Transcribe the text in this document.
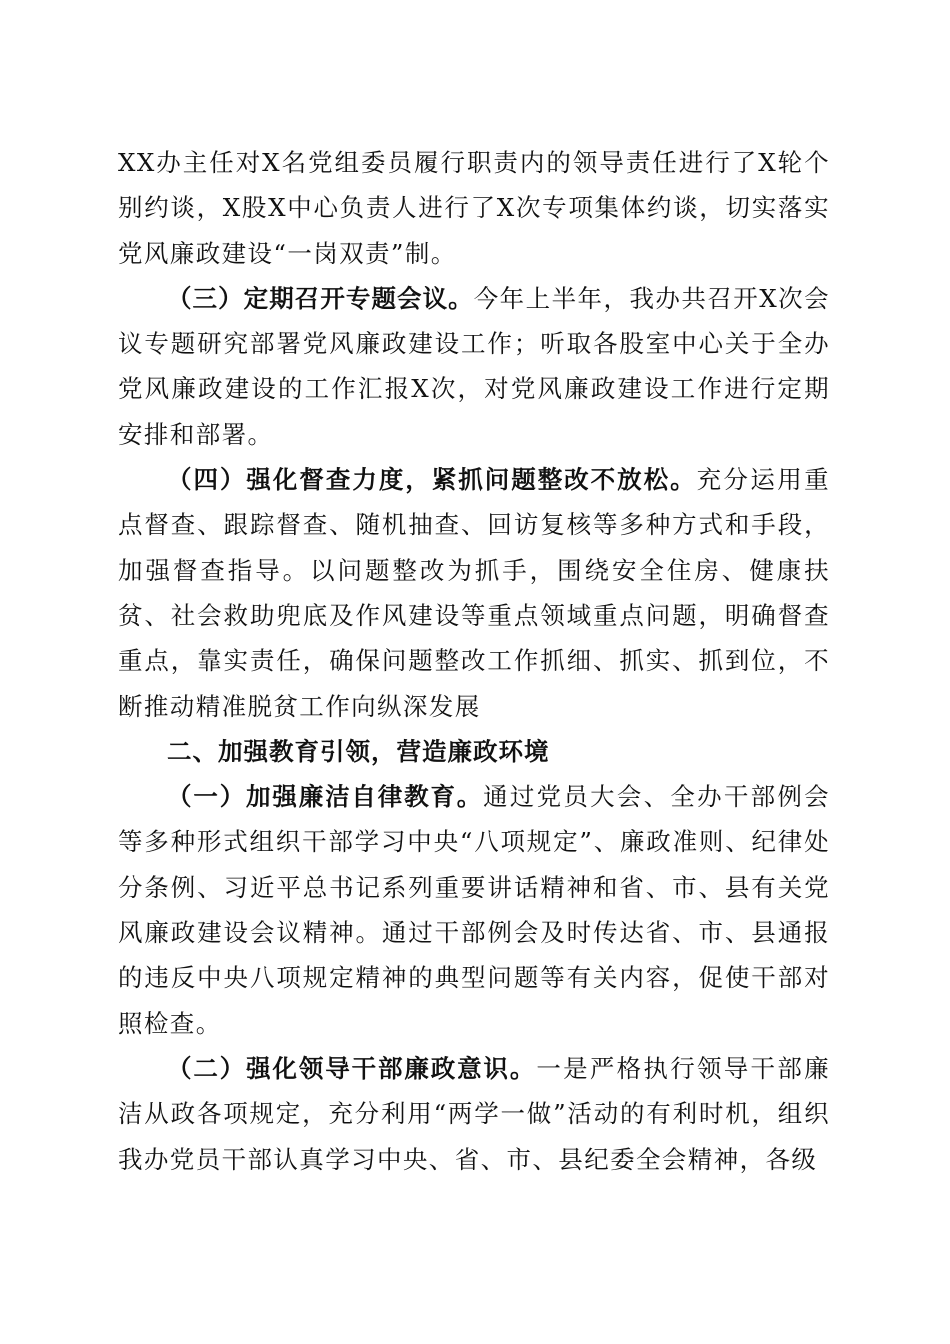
XX办主任对X名党组委员履行职责内的领导责任进行了X轮个别约谈，X股X中心负责人进行了X次专项集体约谈，切实落实党风廉政建设“一岗双责”制。

（三）定期召开专题会议。今年上半年，我办共召开X次会议专题研究部署党风廉政建设工作；听取各股室中心关于全办党风廉政建设的工作汇报X次，对党风廉政建设工作进行定期安排和部署。

（四）强化督查力度，紧抓问题整改不放松。充分运用重点督查、跟踪督查、随机抽查、回访复核等多种方式和手段，加强督查指导。以问题整改为抓手，围绕安全住房、健康扶贫、社会救助兜底及作风建设等重点领域重点问题，明确督查重点，靠实责任，确保问题整改工作抓细、抓实、抓到位，不断推动精准脱贫工作向纵深发展

二、加强教育引领，营造廉政环境

（一）加强廉洁自律教育。通过党员大会、全办干部例会等多种形式组织干部学习中央“八项规定”、廉政准则、纪律处分条例、习近平总书记系列重要讲话精神和省、市、县有关党风廉政建设会议精神。通过干部例会及时传达省、市、县通报的违反中央八项规定精神的典型问题等有关内容，促使干部对照检查。

（二）强化领导干部廉政意识。一是严格执行领导干部廉洁从政各项规定，充分利用“两学一做”活动的有利时机，组织我办党员干部认真学习中央、省、市、县纪委全会精神，各级
